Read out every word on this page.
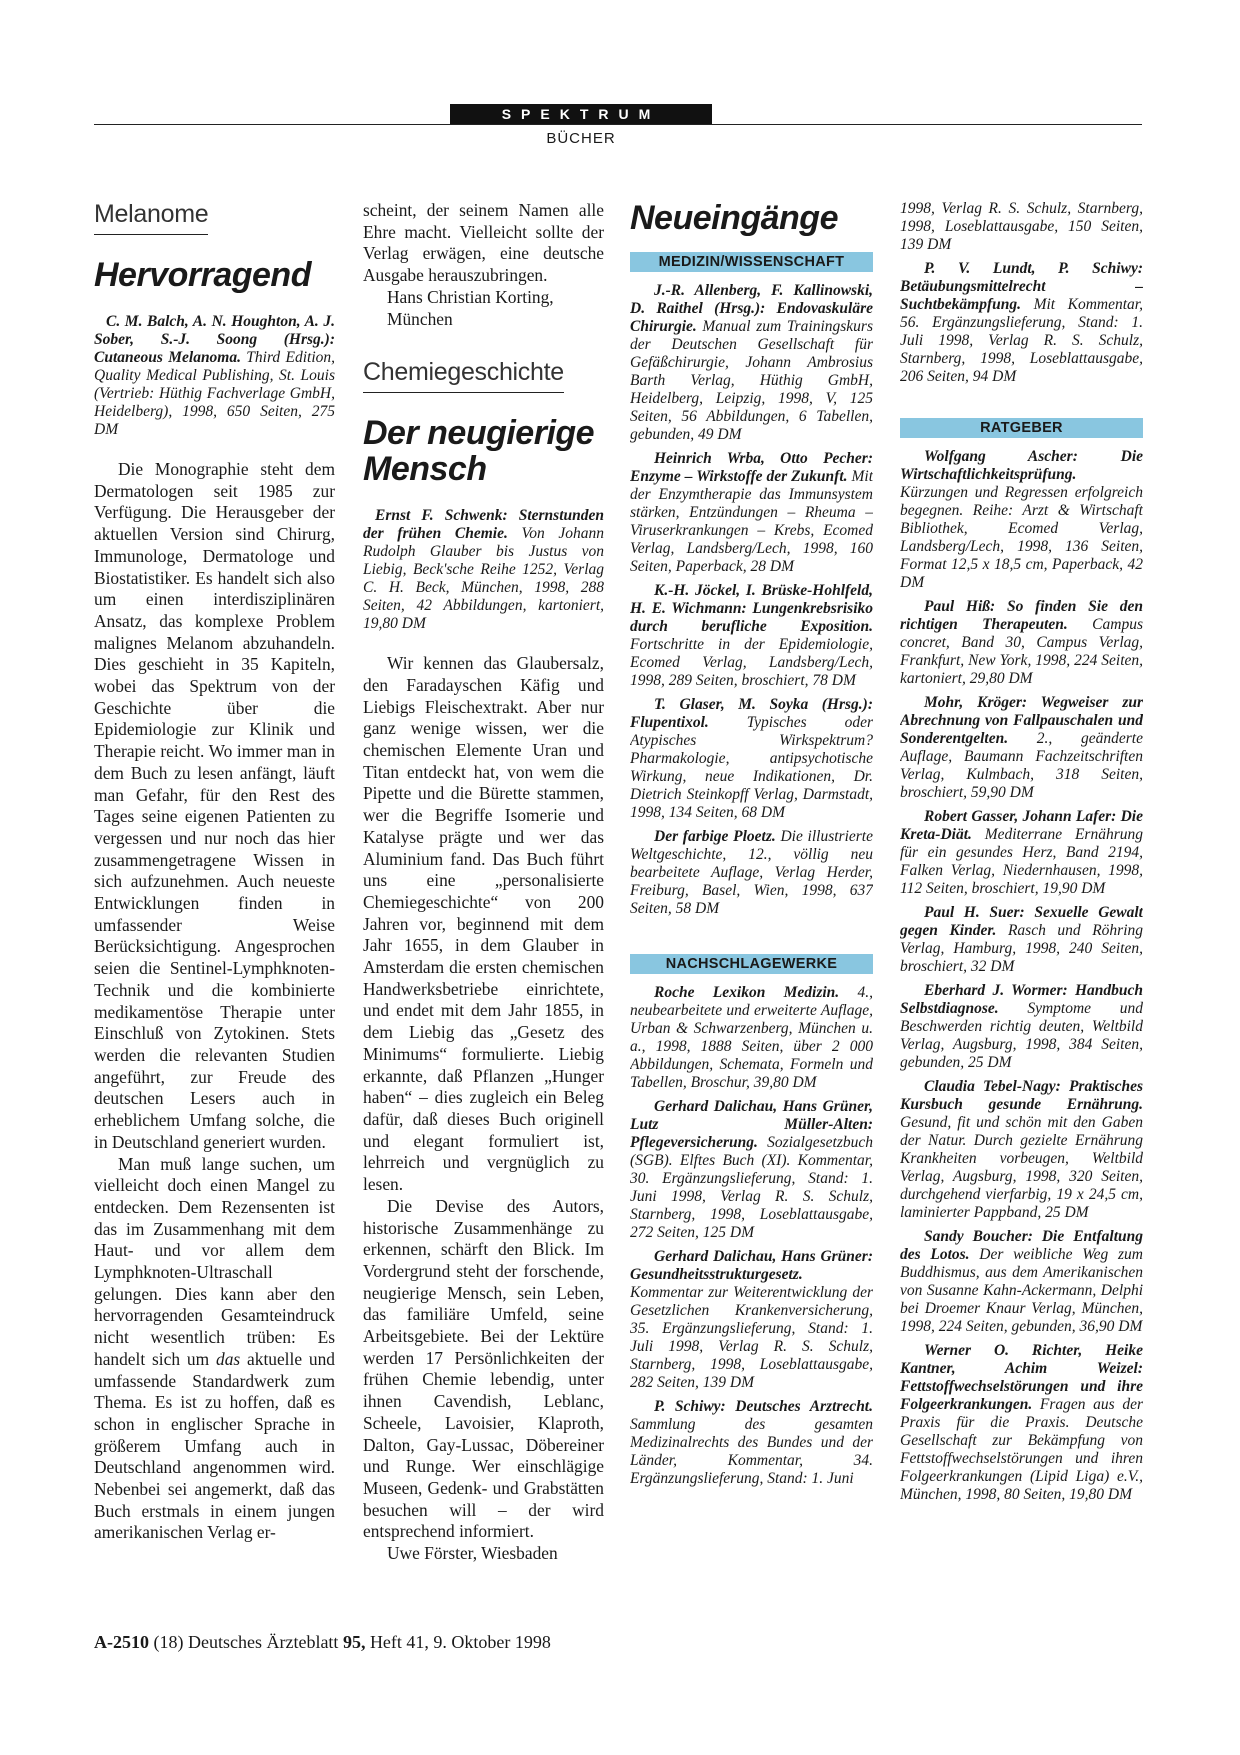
SPEKTRUM
BÜCHER
Melanome
Hervorragend

C. M. Balch, A. N. Houghton, A. J. Sober, S.-J. Soong (Hrsg.): Cutaneous Melanoma. Third Edition, Quality Medical Publishing, St. Louis (Vertrieb: Hüthig Fachverlage GmbH, Heidelberg), 1998, 650 Seiten, 275 DM

Die Monographie steht dem Dermatologen seit 1985 zur Verfügung. Die Herausgeber der aktuellen Version sind Chirurg, Immunologe, Dermatologe und Biostatistiker. Es handelt sich also um einen interdisziplinären Ansatz, das komplexe Problem malignes Melanom abzuhandeln. Dies geschieht in 35 Kapiteln, wobei das Spektrum von der Geschichte über die Epidemiologie zur Klinik und Therapie reicht. Wo immer man in dem Buch zu lesen anfängt, läuft man Gefahr, für den Rest des Tages seine eigenen Patienten zu vergessen und nur noch das hier zusammengetragene Wissen in sich aufzunehmen. Auch neueste Entwicklungen finden in umfassender Weise Berücksichtigung. Angesprochen seien die Sentinel-Lymphknoten-Technik und die kombinierte medikamentöse Therapie unter Einschluß von Zytokinen. Stets werden die relevanten Studien angeführt, zur Freude des deutschen Lesers auch in erheblichem Umfang solche, die in Deutschland generiert wurden.

Man muß lange suchen, um vielleicht doch einen Mangel zu entdecken. Dem Rezensenten ist das im Zusammenhang mit dem Haut- und vor allem dem Lymphknoten-Ultraschall gelungen. Dies kann aber den hervorragenden Gesamteindruck nicht wesentlich trüben: Es handelt sich um das aktuelle und umfassende Standardwerk zum Thema. Es ist zu hoffen, daß es schon in englischer Sprache in größerem Umfang auch in Deutschland angenommen wird. Nebenbei sei angemerkt, daß das Buch erstmals in einem jungen amerikanischen Verlag er-

scheint, der seinem Namen alle Ehre macht. Vielleicht sollte der Verlag erwägen, eine deutsche Ausgabe herauszubringen.

Hans Christian Korting,

München

Chemiegeschichte
Der neugierige Mensch

Ernst F. Schwenk: Sternstunden der frühen Chemie. Von Johann Rudolph Glauber bis Justus von Liebig, Beck'sche Reihe 1252, Verlag C. H. Beck, München, 1998, 288 Seiten, 42 Abbildungen, kartoniert, 19,80 DM

Wir kennen das Glaubersalz, den Faradayschen Käfig und Liebigs Fleischextrakt. Aber nur ganz wenige wissen, wer die chemischen Elemente Uran und Titan entdeckt hat, von wem die Pipette und die Bürette stammen, wer die Begriffe Isomerie und Katalyse prägte und wer das Aluminium fand. Das Buch führt uns eine „personalisierte Chemiegeschichte“ von 200 Jahren vor, beginnend mit dem Jahr 1655, in dem Glauber in Amsterdam die ersten chemischen Handwerksbetriebe einrichtete, und endet mit dem Jahr 1855, in dem Liebig das „Gesetz des Minimums“ formulierte. Liebig erkannte, daß Pflanzen „Hunger haben“ – dies zugleich ein Beleg dafür, daß dieses Buch originell und elegant formuliert ist, lehrreich und vergnüglich zu lesen.

Die Devise des Autors, historische Zusammenhänge zu erkennen, schärft den Blick. Im Vordergrund steht der forschende, neugierige Mensch, sein Leben, das familiäre Umfeld, seine Arbeitsgebiete. Bei der Lektüre werden 17 Persönlichkeiten der frühen Chemie lebendig, unter ihnen Cavendish, Leblanc, Scheele, Lavoisier, Klaproth, Dalton, Gay-Lussac, Döbereiner und Runge. Wer einschlägige Museen, Gedenk- und Grabstätten besuchen will – der wird entsprechend informiert.

Uwe Förster, Wiesbaden

Neueingänge
MEDIZIN/WISSENSCHAFT

J.-R. Allenberg, F. Kallinowski, D. Raithel (Hrsg.): Endovaskuläre Chirurgie. Manual zum Trainingskurs der Deutschen Gesellschaft für Gefäßchirurgie, Johann Ambrosius Barth Verlag, Hüthig GmbH, Heidelberg, Leipzig, 1998, V, 125 Seiten, 56 Abbildungen, 6 Tabellen, gebunden, 49 DM

Heinrich Wrba, Otto Pecher: Enzyme – Wirkstoffe der Zukunft. Mit der Enzymtherapie das Immunsystem stärken, Entzündungen – Rheuma – Viruserkrankungen – Krebs, Ecomed Verlag, Landsberg/Lech, 1998, 160 Seiten, Paperback, 28 DM

K.-H. Jöckel, I. Brüske-Hohlfeld, H. E. Wichmann: Lungenkrebsrisiko durch berufliche Exposition. Fortschritte in der Epidemiologie, Ecomed Verlag, Landsberg/Lech, 1998, 289 Seiten, broschiert, 78 DM

T. Glaser, M. Soyka (Hrsg.): Flupentixol. Typisches oder Atypisches Wirkspektrum? Pharmakologie, antipsychotische Wirkung, neue Indikationen, Dr. Dietrich Steinkopff Verlag, Darmstadt, 1998, 134 Seiten, 68 DM

Der farbige Ploetz. Die illustrierte Weltgeschichte, 12., völlig neu bearbeitete Auflage, Verlag Herder, Freiburg, Basel, Wien, 1998, 637 Seiten, 58 DM

NACHSCHLAGEWERKE

Roche Lexikon Medizin. 4., neubearbeitete und erweiterte Auflage, Urban & Schwarzenberg, München u. a., 1998, 1888 Seiten, über 2 000 Abbildungen, Schemata, Formeln und Tabellen, Broschur, 39,80 DM

Gerhard Dalichau, Hans Grüner, Lutz Müller-Alten: Pflegeversicherung. Sozialgesetzbuch (SGB). Elftes Buch (XI). Kommentar, 30. Ergänzungslieferung, Stand: 1. Juni 1998, Verlag R. S. Schulz, Starnberg, 1998, Loseblattausgabe, 272 Seiten, 125 DM

Gerhard Dalichau, Hans Grüner: Gesundheitsstrukturgesetz. Kommentar zur Weiterentwicklung der Gesetzlichen Krankenversicherung, 35. Ergänzungslieferung, Stand: 1. Juli 1998, Verlag R. S. Schulz, Starnberg, 1998, Loseblattausgabe, 282 Seiten, 139 DM

P. Schiwy: Deutsches Arztrecht. Sammlung des gesamten Medizinalrechts des Bundes und der Länder, Kommentar, 34. Ergänzungslieferung, Stand: 1. Juni

1998, Verlag R. S. Schulz, Starnberg, 1998, Loseblattausgabe, 150 Seiten, 139 DM

P. V. Lundt, P. Schiwy: Betäubungsmittelrecht – Suchtbekämpfung. Mit Kommentar, 56. Ergänzungslieferung, Stand: 1. Juli 1998, Verlag R. S. Schulz, Starnberg, 1998, Loseblattausgabe, 206 Seiten, 94 DM

RATGEBER

Wolfgang Ascher: Die Wirtschaftlichkeitsprüfung. Kürzungen und Regressen erfolgreich begegnen. Reihe: Arzt & Wirtschaft Bibliothek, Ecomed Verlag, Landsberg/Lech, 1998, 136 Seiten, Format 12,5 x 18,5 cm, Paperback, 42 DM

Paul Hiß: So finden Sie den richtigen Therapeuten. Campus concret, Band 30, Campus Verlag, Frankfurt, New York, 1998, 224 Seiten, kartoniert, 29,80 DM

Mohr, Kröger: Wegweiser zur Abrechnung von Fallpauschalen und Sonderentgelten. 2., geänderte Auflage, Baumann Fachzeitschriften Verlag, Kulmbach, 318 Seiten, broschiert, 59,90 DM

Robert Gasser, Johann Lafer: Die Kreta-Diät. Mediterrane Ernährung für ein gesundes Herz, Band 2194, Falken Verlag, Niedernhausen, 1998, 112 Seiten, broschiert, 19,90 DM

Paul H. Suer: Sexuelle Gewalt gegen Kinder. Rasch und Röhring Verlag, Hamburg, 1998, 240 Seiten, broschiert, 32 DM

Eberhard J. Wormer: Handbuch Selbstdiagnose. Symptome und Beschwerden richtig deuten, Weltbild Verlag, Augsburg, 1998, 384 Seiten, gebunden, 25 DM

Claudia Tebel-Nagy: Praktisches Kursbuch gesunde Ernährung. Gesund, fit und schön mit den Gaben der Natur. Durch gezielte Ernährung Krankheiten vorbeugen, Weltbild Verlag, Augsburg, 1998, 320 Seiten, durchgehend vierfarbig, 19 x 24,5 cm, laminierter Pappband, 25 DM

Sandy Boucher: Die Entfaltung des Lotos. Der weibliche Weg zum Buddhismus, aus dem Amerikanischen von Susanne Kahn-Ackermann, Delphi bei Droemer Knaur Verlag, München, 1998, 224 Seiten, gebunden, 36,90 DM

Werner O. Richter, Heike Kantner, Achim Weizel: Fettstoffwechselstörungen und ihre Folgeerkrankungen. Fragen aus der Praxis für die Praxis. Deutsche Gesellschaft zur Bekämpfung von Fettstoffwechselstörungen und ihren Folgeerkrankungen (Lipid Liga) e.V., München, 1998, 80 Seiten, 19,80 DM

A-2510 (18) Deutsches Ärzteblatt 95, Heft 41, 9. Oktober 1998
